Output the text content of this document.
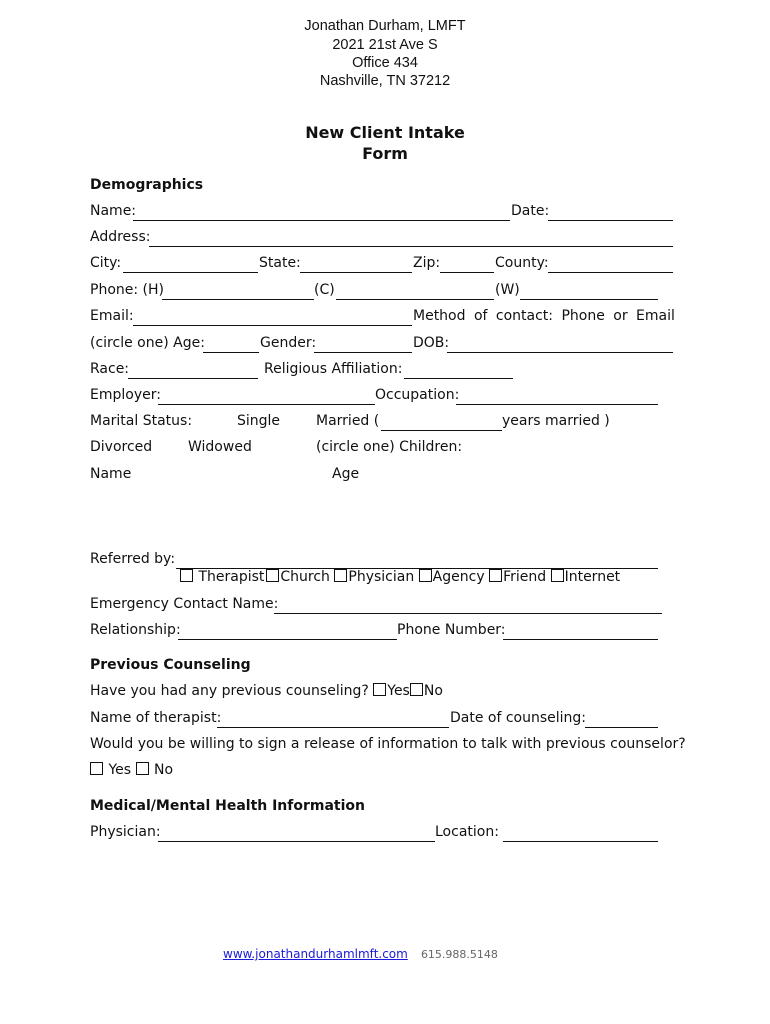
Jonathan Durham, LMFT
2021 21st Ave S
Office 434
Nashville, TN 37212
New Client Intake
Form
Demographics
Name:	Date:
Address:
City:	State:	Zip:	County:
Phone: (H)	(C)	(W)
Email:	Method of contact: Phone or Email
(circle one) Age:	Gender:	DOB:
Race:	Religious Affiliation:
Employer:	Occupation:
Marital Status:	Single	Married (	years married )
Divorced	Widowed	(circle one) Children:
Name	Age
Referred by:
Therapist Church Physician Agency Friend Internet
Emergency Contact Name:
Relationship:	Phone Number:
Previous Counseling
Have you had any previous counseling? Yes No
Name of therapist:	Date of counseling:
Would you be willing to sign a release of information to talk with previous counselor?
Yes No
Medical/Mental Health Information
Physician:	Location:
www.jonathandurhamlmft.com 615.988.5148
